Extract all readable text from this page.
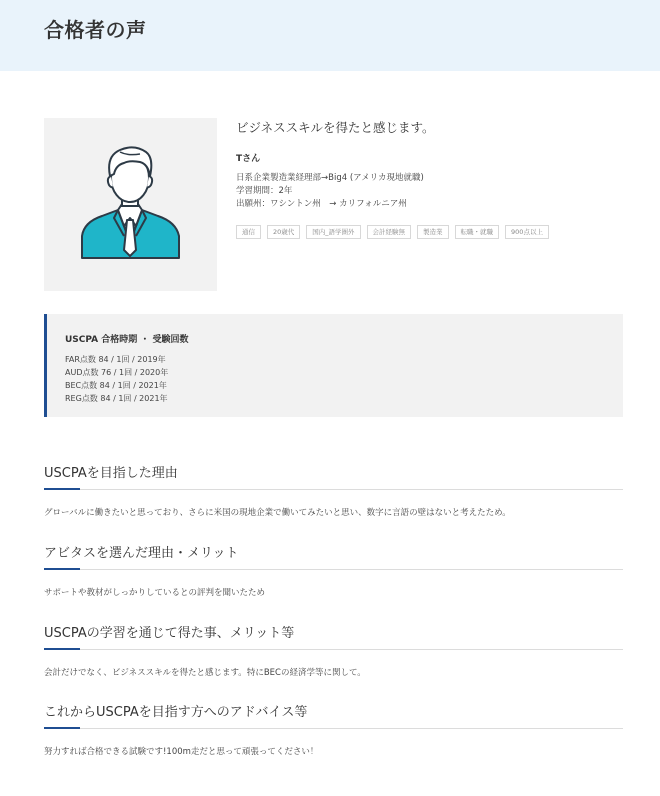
合格者の声
ビジネススキルを得たと感じます。
Tさん
日系企業製造業経理部→Big4 (アメリカ現地就職)
学習期間：2年
出願州：ワシントン州　→ カリフォルニア州
通信	20歳代	国内_語学圏外	会計経験無	製造業	転職・就職	900点以上
USCPA 合格時期 ・ 受験回数
FAR点数 84 / 1回 / 2019年
AUD点数 76 / 1回 / 2020年
BEC点数 84 / 1回 / 2021年
REG点数 84 / 1回 / 2021年
USCPAを目指した理由
グローバルに働きたいと思っており、さらに米国の現地企業で働いてみたいと思い、数字に言語の壁はないと考えたため。
アビタスを選んだ理由・メリット
サポートや教材がしっかりしているとの評判を聞いたため
USCPAの学習を通じて得た事、メリット等
会計だけでなく、ビジネススキルを得たと感じます。特にBECの経済学等に関して。
これからUSCPAを目指す方へのアドバイス等
努力すれば合格できる試験です!100m走だと思って頑張ってください！
